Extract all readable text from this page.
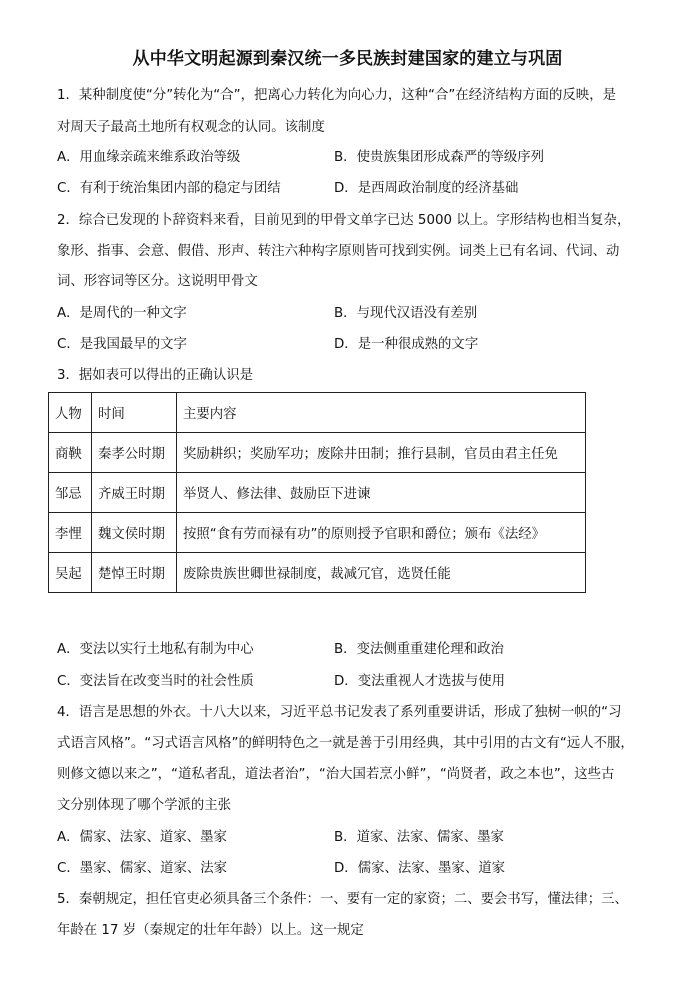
从中华文明起源到秦汉统一多民族封建国家的建立与巩固
1．某种制度使“分”转化为“合”，把离心力转化为向心力，这种“合”在经济结构方面的反映，是
对周天子最高土地所有权观念的认同。该制度
A．用血缘亲疏来维系政治等级	B．使贵族集团形成森严的等级序列
C．有利于统治集团内部的稳定与团结	D．是西周政治制度的经济基础
2．综合已发现的卜辞资料来看，目前见到的甲骨文单字已达 5000 以上。字形结构也相当复杂，
象形、指事、会意、假借、形声、转注六种构字原则皆可找到实例。词类上已有名词、代词、动
词、形容词等区分。这说明甲骨文
A．是周代的一种文字	B．与现代汉语没有差别
C．是我国最早的文字	D．是一种很成熟的文字
3．据如表可以得出的正确认识是
人物	时间	主要内容
商鞅	秦孝公时期	奖励耕织；奖励军功；废除井田制；推行县制，官员由君主任免
邹忌	齐威王时期	举贤人、修法律、鼓励臣下进谏
李悝	魏文侯时期	按照“食有劳而禄有功”的原则授予官职和爵位；颁布《法经》
吴起	楚悼王时期	废除贵族世卿世禄制度，裁减冗官，选贤任能
A．变法以实行土地私有制为中心	B．变法侧重重建伦理和政治
C．变法旨在改变当时的社会性质	D．变法重视人才选拔与使用
4．语言是思想的外衣。十八大以来，习近平总书记发表了系列重要讲话，形成了独树一帜的“习
式语言风格”。“习式语言风格”的鲜明特色之一就是善于引用经典，其中引用的古文有“远人不服，
则修文德以来之”，“道私者乱，道法者治”，“治大国若烹小鲜”，“尚贤者，政之本也”，这些古
文分别体现了哪个学派的主张
A．儒家、法家、道家、墨家	B．道家、法家、儒家、墨家
C．墨家、儒家、道家、法家	D．儒家、法家、墨家、道家
5．秦朝规定，担任官吏必须具备三个条件：一、要有一定的家资；二、要会书写，懂法律；三、
年龄在 17 岁（秦规定的壮年年龄）以上。这一规定
